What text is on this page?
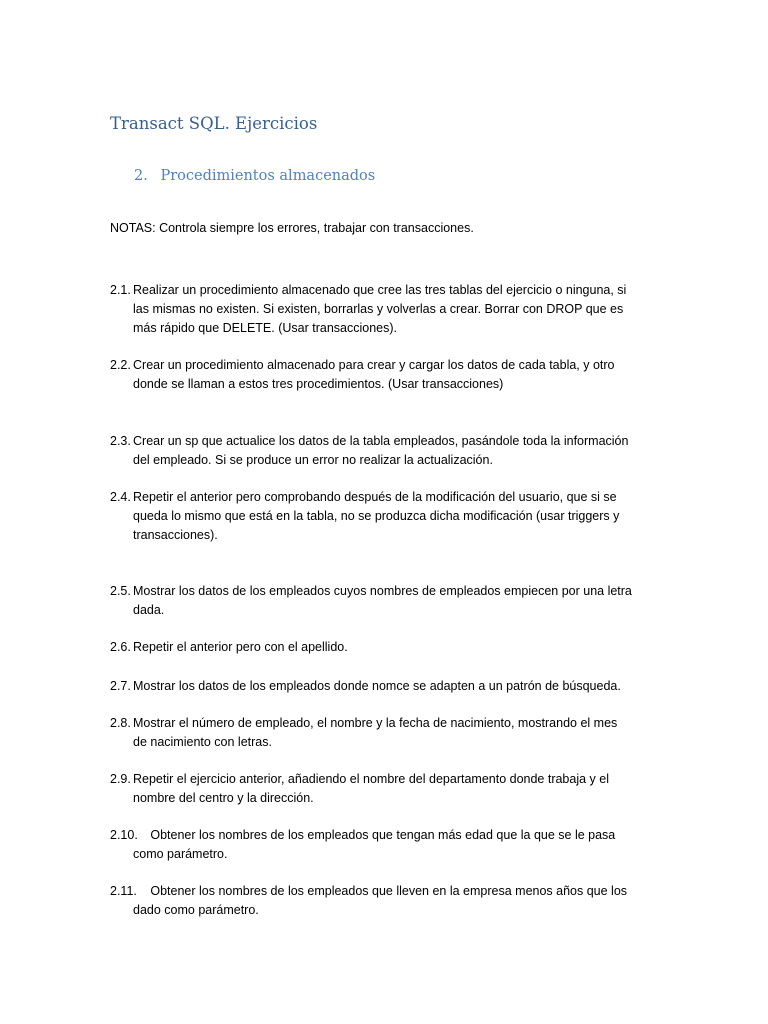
Transact SQL. Ejercicios
2. Procedimientos almacenados
NOTAS: Controla siempre los errores, trabajar con transacciones.
2.1. Realizar un procedimiento almacenado que cree las tres tablas del ejercicio o ninguna, si
las mismas no existen. Si existen, borrarlas y volverlas a crear. Borrar con DROP que es
más rápido que DELETE. (Usar transacciones).
2.2. Crear un procedimiento almacenado para crear y cargar los datos de cada tabla, y otro
donde se llaman a estos tres procedimientos. (Usar transacciones)
2.3. Crear un sp que actualice los datos de la tabla empleados, pasándole toda la información
del empleado. Si se produce un error no realizar la actualización.
2.4. Repetir el anterior pero comprobando después de la modificación del usuario, que si se
queda lo mismo que está en la tabla, no se produzca dicha modificación (usar triggers y
transacciones).
2.5. Mostrar los datos de los empleados cuyos nombres de empleados empiecen por una letra
dada.
2.6. Repetir el anterior pero con el apellido.
2.7. Mostrar los datos de los empleados donde nomce se adapten a un patrón de búsqueda.
2.8. Mostrar el número de empleado, el nombre y la fecha de nacimiento, mostrando el mes
de nacimiento con letras.
2.9. Repetir el ejercicio anterior, añadiendo el nombre del departamento donde trabaja y el
nombre del centro y la dirección.
2.10.
Obtener los nombres de los empleados que tengan más edad que la que se le pasa
como parámetro.
2.11.
Obtener los nombres de los empleados que lleven en la empresa menos años que los
dado como parámetro.
